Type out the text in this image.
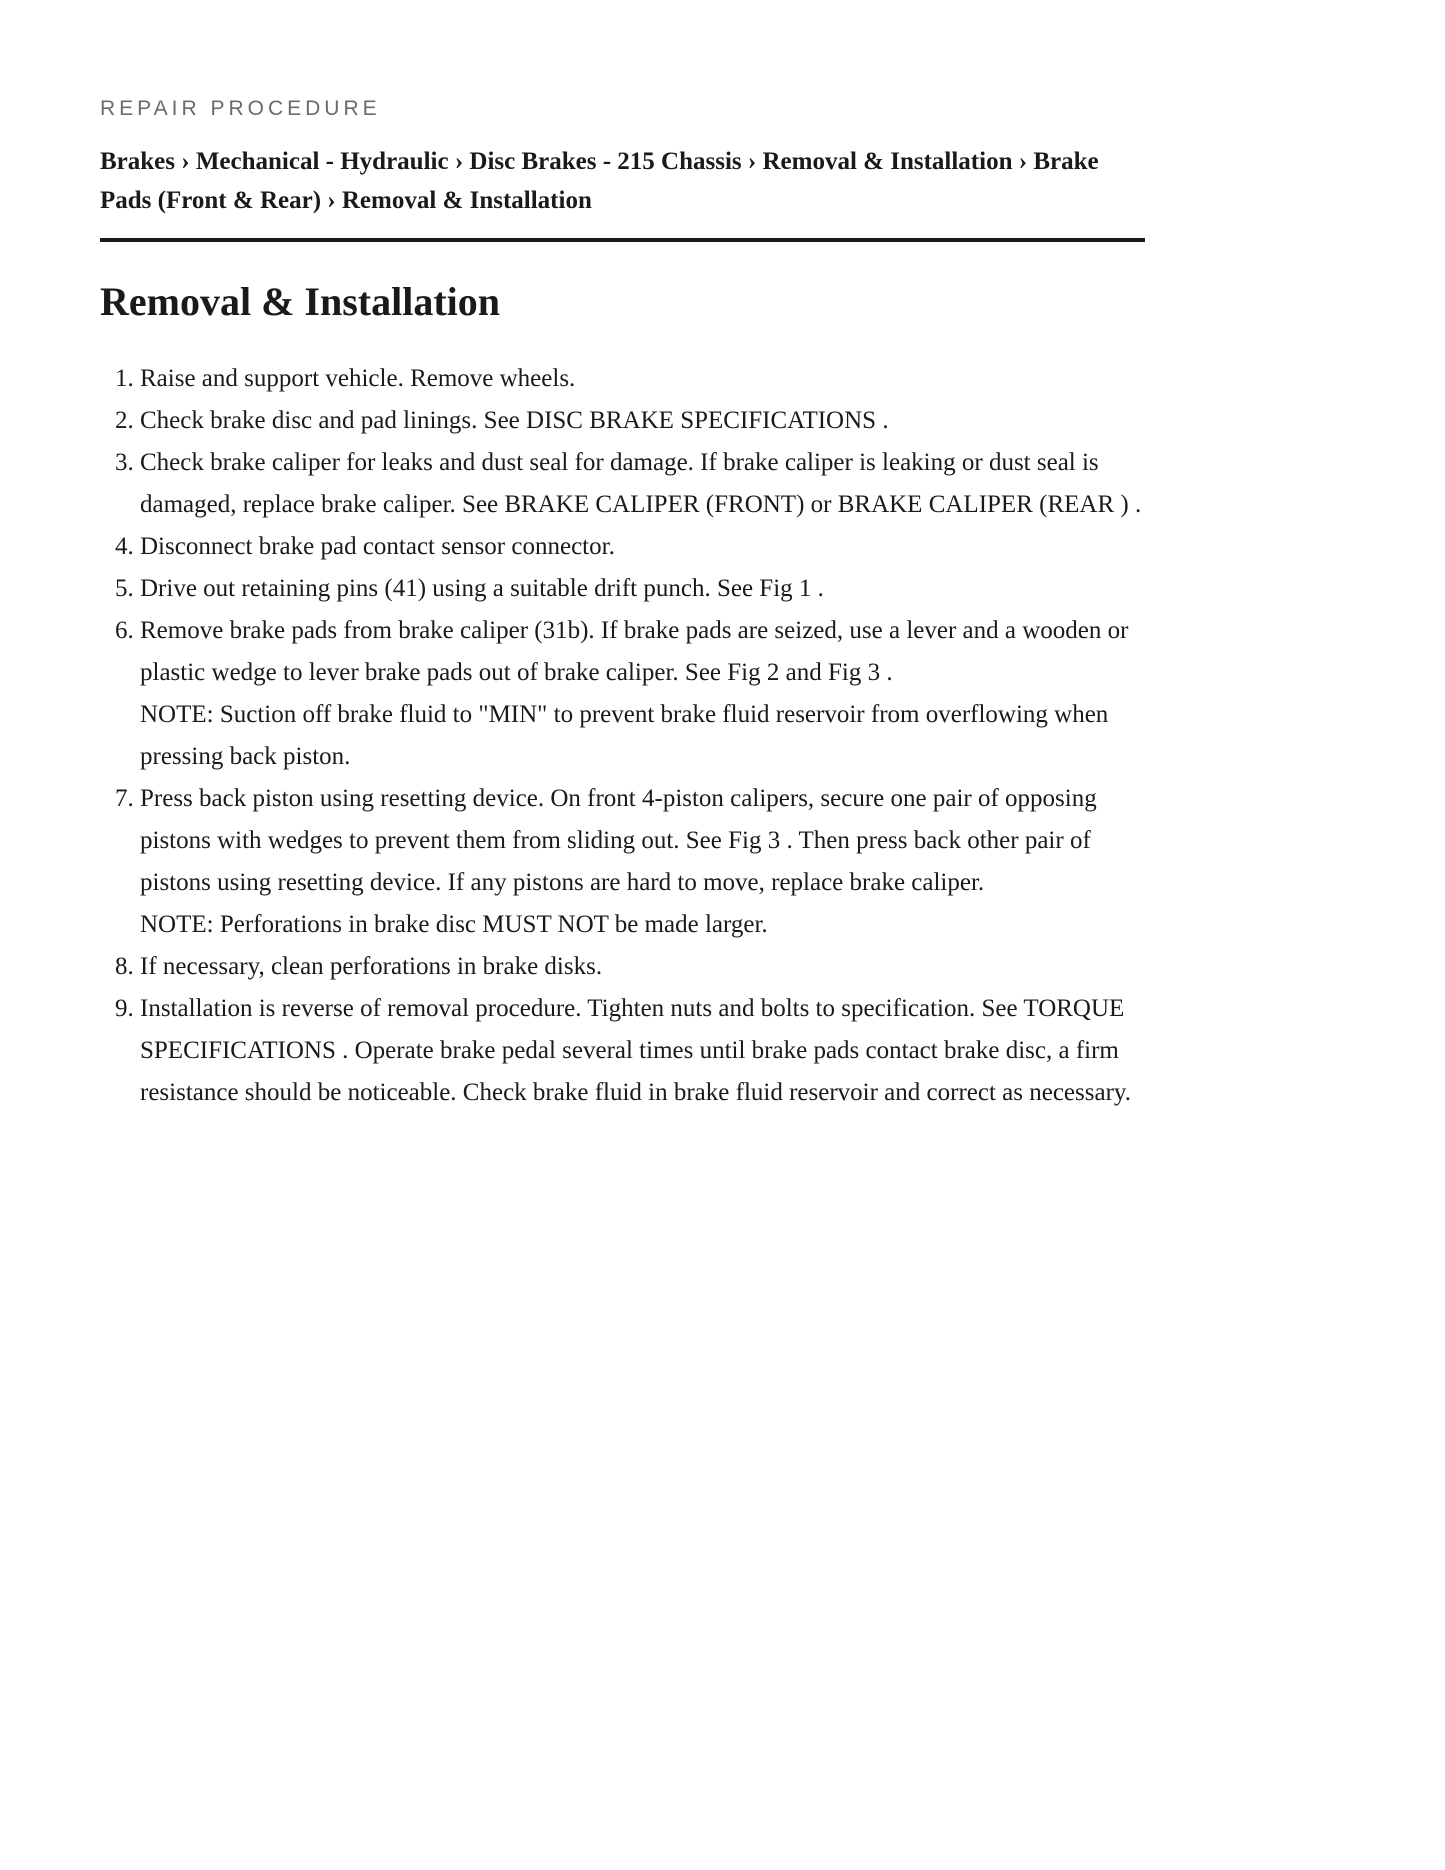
REPAIR PROCEDURE

Brakes › Mechanical - Hydraulic › Disc Brakes - 215 Chassis › Removal & Installation › Brake Pads (Front & Rear) › Removal & Installation

Removal & Installation
1. Raise and support vehicle. Remove wheels.
2. Check brake disc and pad linings. See DISC BRAKE SPECIFICATIONS .
3. Check brake caliper for leaks and dust seal for damage. If brake caliper is leaking or dust seal is damaged, replace brake caliper. See BRAKE CALIPER (FRONT) or BRAKE CALIPER (REAR ) .
4. Disconnect brake pad contact sensor connector.
5. Drive out retaining pins (41) using a suitable drift punch. See Fig 1 .
6. Remove brake pads from brake caliper (31b). If brake pads are seized, use a lever and a wooden or plastic wedge to lever brake pads out of brake caliper. See Fig 2 and Fig 3 .
NOTE: Suction off brake fluid to "MIN" to prevent brake fluid reservoir from overflowing when pressing back piston.
7. Press back piston using resetting device. On front 4-piston calipers, secure one pair of opposing pistons with wedges to prevent them from sliding out. See Fig 3 . Then press back other pair of pistons using resetting device. If any pistons are hard to move, replace brake caliper.
NOTE: Perforations in brake disc MUST NOT be made larger.
8. If necessary, clean perforations in brake disks.
9. Installation is reverse of removal procedure. Tighten nuts and bolts to specification. See TORQUE SPECIFICATIONS . Operate brake pedal several times until brake pads contact brake disc, a firm resistance should be noticeable. Check brake fluid in brake fluid reservoir and correct as necessary.
